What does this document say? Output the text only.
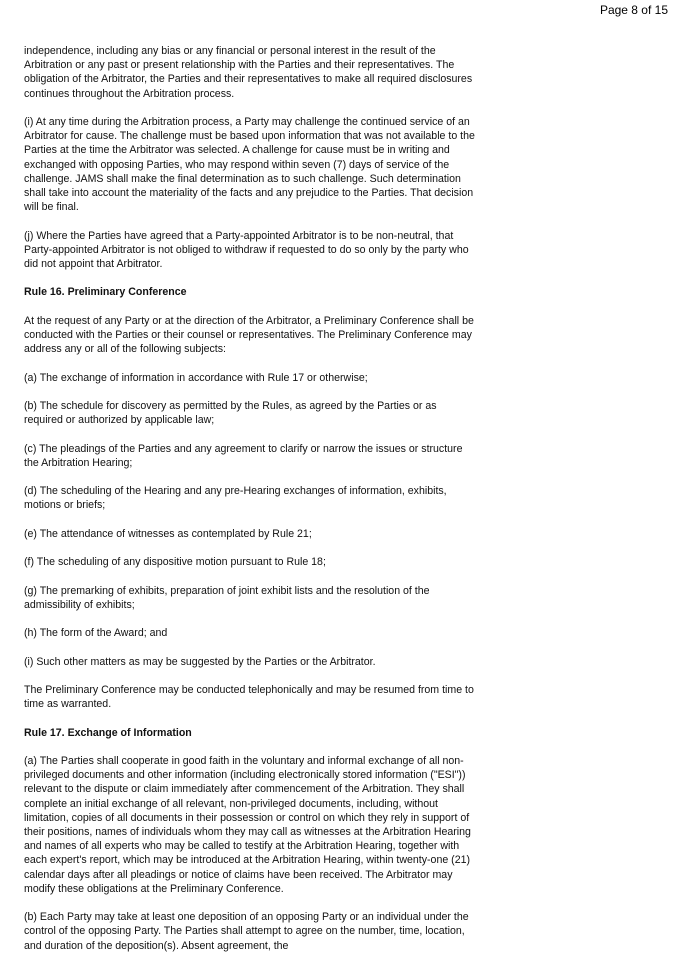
Page 8 of 15

independence, including any bias or any financial or personal interest in the result of the Arbitration or any past or present relationship with the Parties and their representatives. The obligation of the Arbitrator, the Parties and their representatives to make all required disclosures continues throughout the Arbitration process.

(i) At any time during the Arbitration process, a Party may challenge the continued service of an Arbitrator for cause. The challenge must be based upon information that was not available to the Parties at the time the Arbitrator was selected. A challenge for cause must be in writing and exchanged with opposing Parties, who may respond within seven (7) days of service of the challenge. JAMS shall make the final determination as to such challenge. Such determination shall take into account the materiality of the facts and any prejudice to the Parties. That decision will be final.

(j) Where the Parties have agreed that a Party-appointed Arbitrator is to be non-neutral, that Party-appointed Arbitrator is not obliged to withdraw if requested to do so only by the party who did not appoint that Arbitrator.

Rule 16. Preliminary Conference

At the request of any Party or at the direction of the Arbitrator, a Preliminary Conference shall be conducted with the Parties or their counsel or representatives. The Preliminary Conference may address any or all of the following subjects:

(a) The exchange of information in accordance with Rule 17 or otherwise;

(b) The schedule for discovery as permitted by the Rules, as agreed by the Parties or as required or authorized by applicable law;

(c) The pleadings of the Parties and any agreement to clarify or narrow the issues or structure the Arbitration Hearing;

(d) The scheduling of the Hearing and any pre-Hearing exchanges of information, exhibits, motions or briefs;

(e) The attendance of witnesses as contemplated by Rule 21;

(f) The scheduling of any dispositive motion pursuant to Rule 18;

(g) The premarking of exhibits, preparation of joint exhibit lists and the resolution of the admissibility of exhibits;

(h) The form of the Award; and

(i) Such other matters as may be suggested by the Parties or the Arbitrator.

The Preliminary Conference may be conducted telephonically and may be resumed from time to time as warranted.

Rule 17. Exchange of Information

(a) The Parties shall cooperate in good faith in the voluntary and informal exchange of all non-privileged documents and other information (including electronically stored information ("ESI")) relevant to the dispute or claim immediately after commencement of the Arbitration. They shall complete an initial exchange of all relevant, non-privileged documents, including, without limitation, copies of all documents in their possession or control on which they rely in support of their positions, names of individuals whom they may call as witnesses at the Arbitration Hearing and names of all experts who may be called to testify at the Arbitration Hearing, together with each expert's report, which may be introduced at the Arbitration Hearing, within twenty-one (21) calendar days after all pleadings or notice of claims have been received. The Arbitrator may modify these obligations at the Preliminary Conference.

(b) Each Party may take at least one deposition of an opposing Party or an individual under the control of the opposing Party. The Parties shall attempt to agree on the number, time, location, and duration of the deposition(s). Absent agreement, the
